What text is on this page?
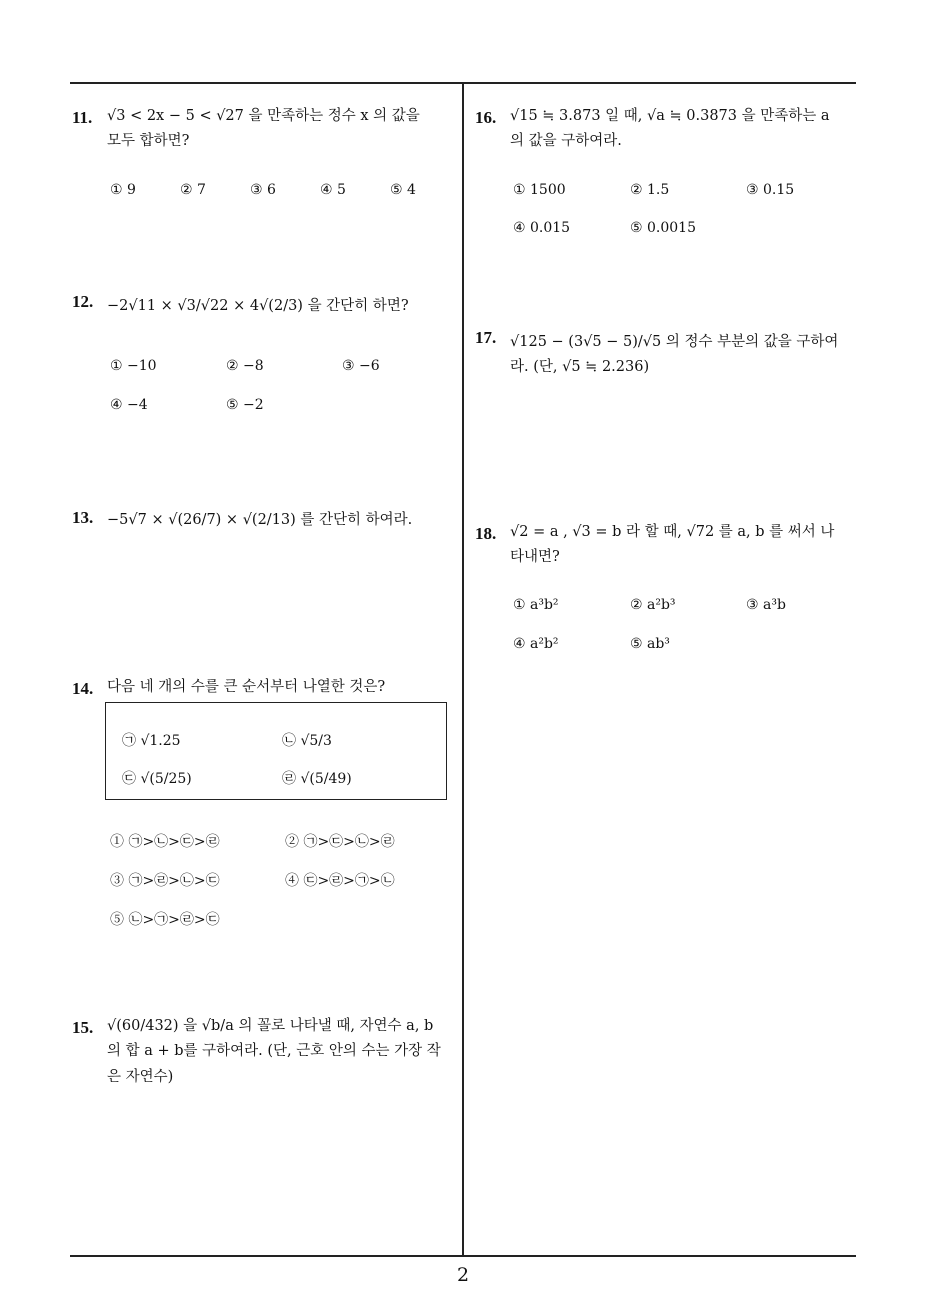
11. √3 < 2x − 5 < √27 을 만족하는 정수 x 의 값을 모두 합하면?
① 9	② 7	③ 6	④ 5	⑤ 4
12. −2√11 × √3/√22 × 4√(2/3) 을 간단히 하면?
① −10	② −8	③ −6
④ −4	⑤ −2
13. −5√7 × √(26/7) × √(2/13) 를 간단히 하여라.
14. 다음 네 개의 수를 큰 순서부터 나열한 것은?
㉠ √1.25	㉡ √5/3
㉢ √(5/25)	㉣ √(5/49)
① ㉠>㉡>㉢>㉣	② ㉠>㉢>㉡>㉣
③ ㉠>㉣>㉡>㉢	④ ㉢>㉣>㉠>㉡
⑤ ㉡>㉠>㉣>㉢
15. √(60/432) 을 √b/a 의 꼴로 나타낼 때, 자연수 a, b 의 합 a + b를 구하여라. (단, 근호 안의 수는 가장 작은 자연수)
16. √15 ≒ 3.873 일 때, √a ≒ 0.3873 을 만족하는 a 의 값을 구하여라.
① 1500	② 1.5	③ 0.15
④ 0.015	⑤ 0.0015
17. √125 − (3√5 − 5)/√5 의 정수 부분의 값을 구하여라. (단, √5 ≒ 2.236)
18. √2 = a , √3 = b 라 할 때, √72 를 a, b 를 써서 나타내면?
① a³b²	② a²b³	③ a³b
④ a²b²	⑤ ab³
2
